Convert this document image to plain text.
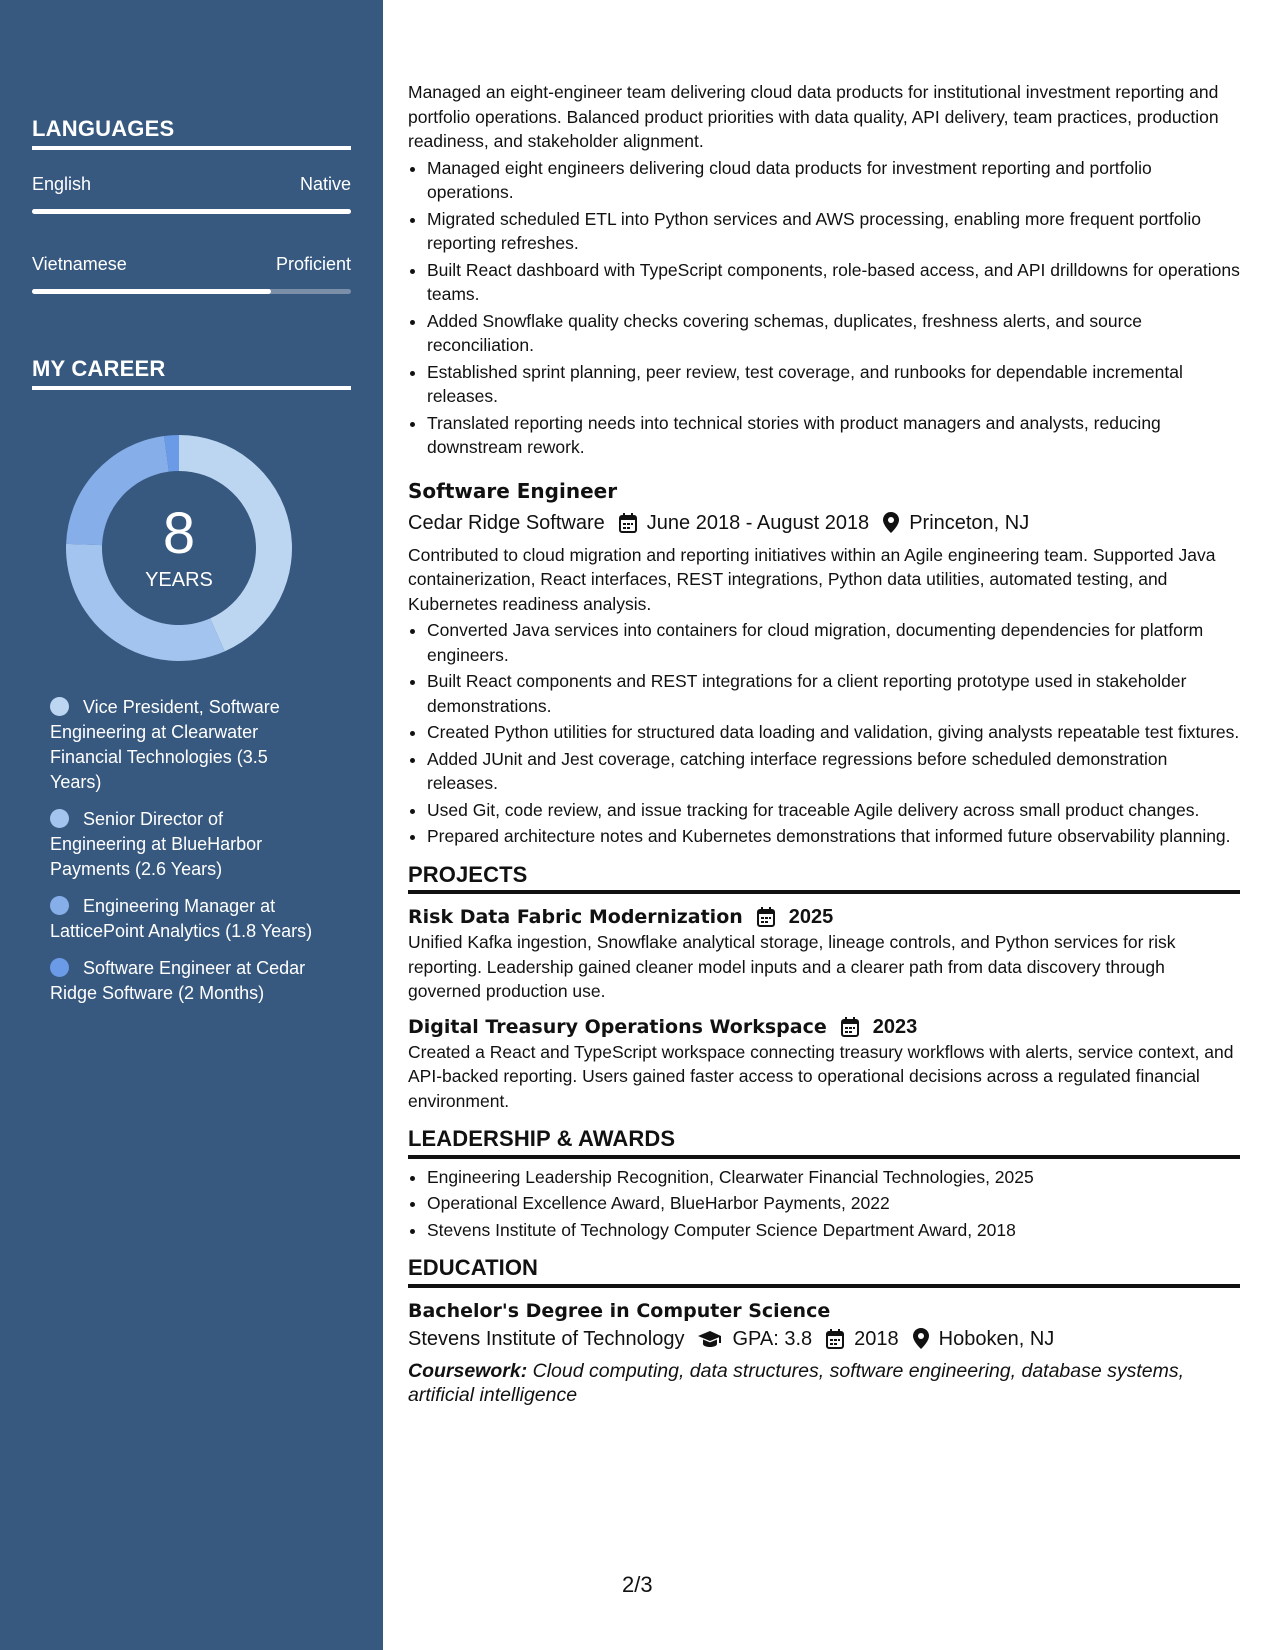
LANGUAGES
English	Native
Vietnamese	Proficient
MY CAREER
8
YEARS
Vice President, Software Engineering at Clearwater Financial Technologies (3.5 Years)
Senior Director of Engineering at BlueHarbor Payments (2.6 Years)
Engineering Manager at LatticePoint Analytics (1.8 Years)
Software Engineer at Cedar Ridge Software (2 Months)

Managed an eight-engineer team delivering cloud data products for institutional investment reporting and portfolio operations. Balanced product priorities with data quality, API delivery, team practices, production readiness, and stakeholder alignment.

• Managed eight engineers delivering cloud data products for investment reporting and portfolio operations.
• Migrated scheduled ETL into Python services and AWS processing, enabling more frequent portfolio reporting refreshes.
• Built React dashboard with TypeScript components, role-based access, and API drilldowns for operations teams.
• Added Snowflake quality checks covering schemas, duplicates, freshness alerts, and source reconciliation.
• Established sprint planning, peer review, test coverage, and runbooks for dependable incremental releases.
• Translated reporting needs into technical stories with product managers and analysts, reducing downstream rework.
Software Engineer
Cedar Ridge Software June 2018 - August 2018 Princeton, NJ

Contributed to cloud migration and reporting initiatives within an Agile engineering team. Supported Java containerization, React interfaces, REST integrations, Python data utilities, automated testing, and Kubernetes readiness analysis.

• Converted Java services into containers for cloud migration, documenting dependencies for platform engineers.
• Built React components and REST integrations for a client reporting prototype used in stakeholder demonstrations.
• Created Python utilities for structured data loading and validation, giving analysts repeatable test fixtures.
• Added JUnit and Jest coverage, catching interface regressions before scheduled demonstration releases.
• Used Git, code review, and issue tracking for traceable Agile delivery across small product changes.
• Prepared architecture notes and Kubernetes demonstrations that informed future observability planning.
PROJECTS
Risk Data Fabric Modernization 2025

Unified Kafka ingestion, Snowflake analytical storage, lineage controls, and Python services for risk reporting. Leadership gained cleaner model inputs and a clearer path from data discovery through governed production use.

Digital Treasury Operations Workspace 2023

Created a React and TypeScript workspace connecting treasury workflows with alerts, service context, and API-backed reporting. Users gained faster access to operational decisions across a regulated financial environment.

LEADERSHIP & AWARDS
• Engineering Leadership Recognition, Clearwater Financial Technologies, 2025
• Operational Excellence Award, BlueHarbor Payments, 2022
• Stevens Institute of Technology Computer Science Department Award, 2018
EDUCATION
Bachelor's Degree in Computer Science
Stevens Institute of Technology GPA: 3.8 2018 Hoboken, NJ
Coursework: Cloud computing, data structures, software engineering, database systems, artificial intelligence
2/3
